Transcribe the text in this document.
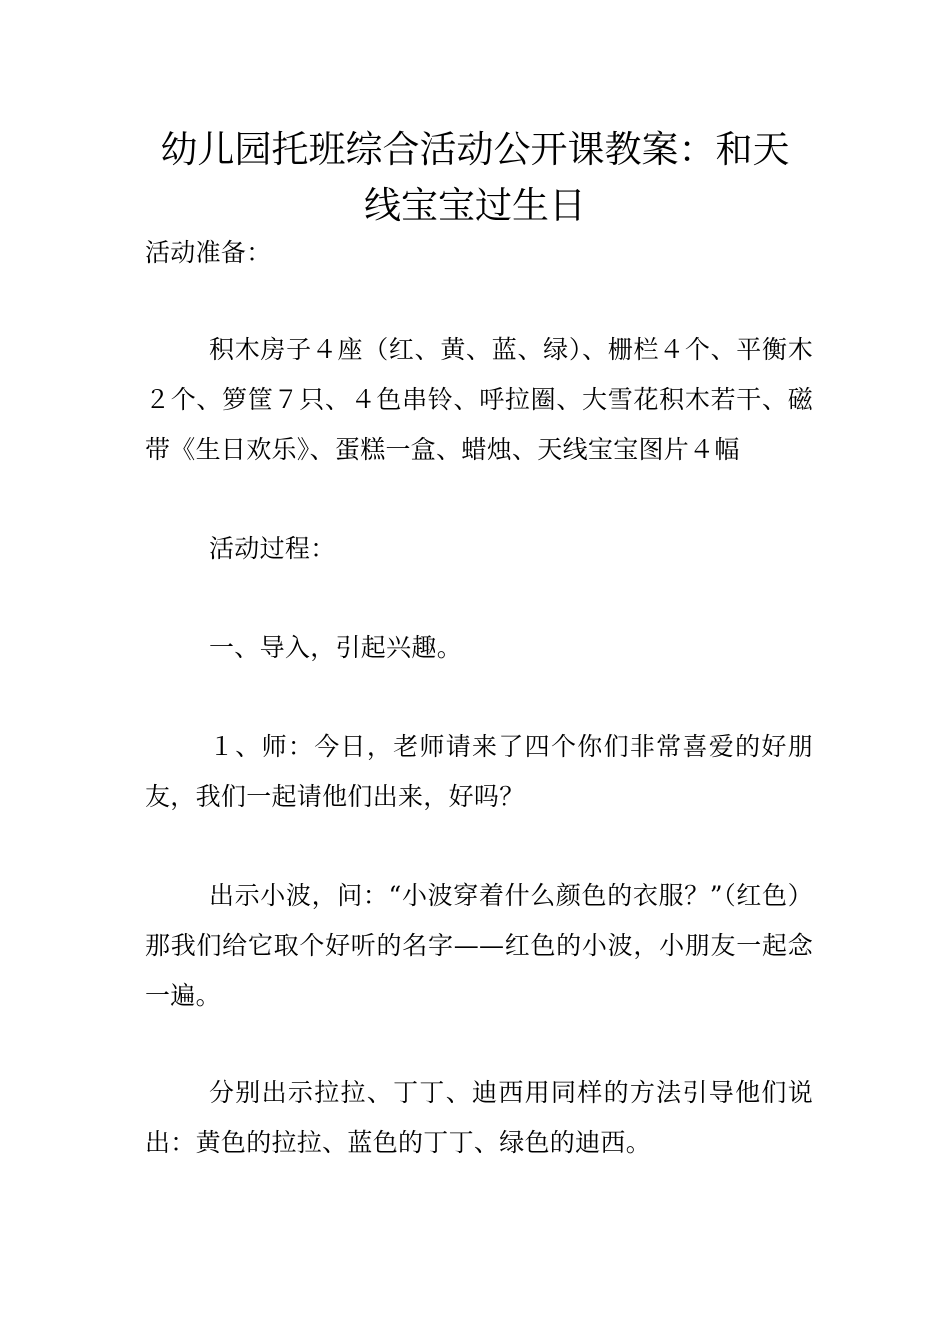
幼儿园托班综合活动公开课教案：和天
线宝宝过生日

活动准备：

积木房子４座（红、黄、蓝、绿）、栅栏４个、平衡木２个、箩筐７只、４色串铃、呼拉圈、大雪花积木若干、磁带《生日欢乐》、蛋糕一盒、蜡烛、天线宝宝图片４幅

活动过程：

一、导入，引起兴趣。

１、师：今日，老师请来了四个你们非常喜爱的好朋友，我们一起请他们出来，好吗？

出示小波，问：“小波穿着什么颜色的衣服？”（红色）那我们给它取个好听的名字——红色的小波，小朋友一起念一遍。

分别出示拉拉、丁丁、迪西用同样的方法引导他们说出：黄色的拉拉、蓝色的丁丁、绿色的迪西。
